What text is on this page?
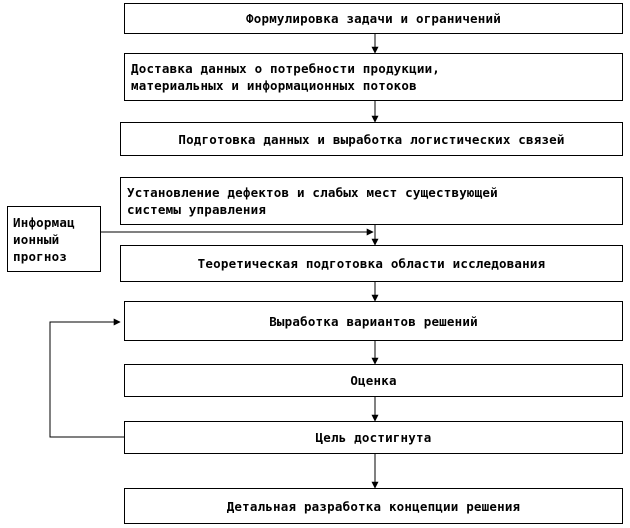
Формулировка задачи и ограничений
Доставка данных о потребности продукции,
материальных и информационных потоков
Подготовка данных и выработка логистических связей
Установление дефектов и слабых мест существующей
системы управления
Информац
ионный
прогноз	Теоретическая подготовка области исследования
Выработка вариантов решений
Оценка
Цель достигнута
Детальная разработка концепции решения
